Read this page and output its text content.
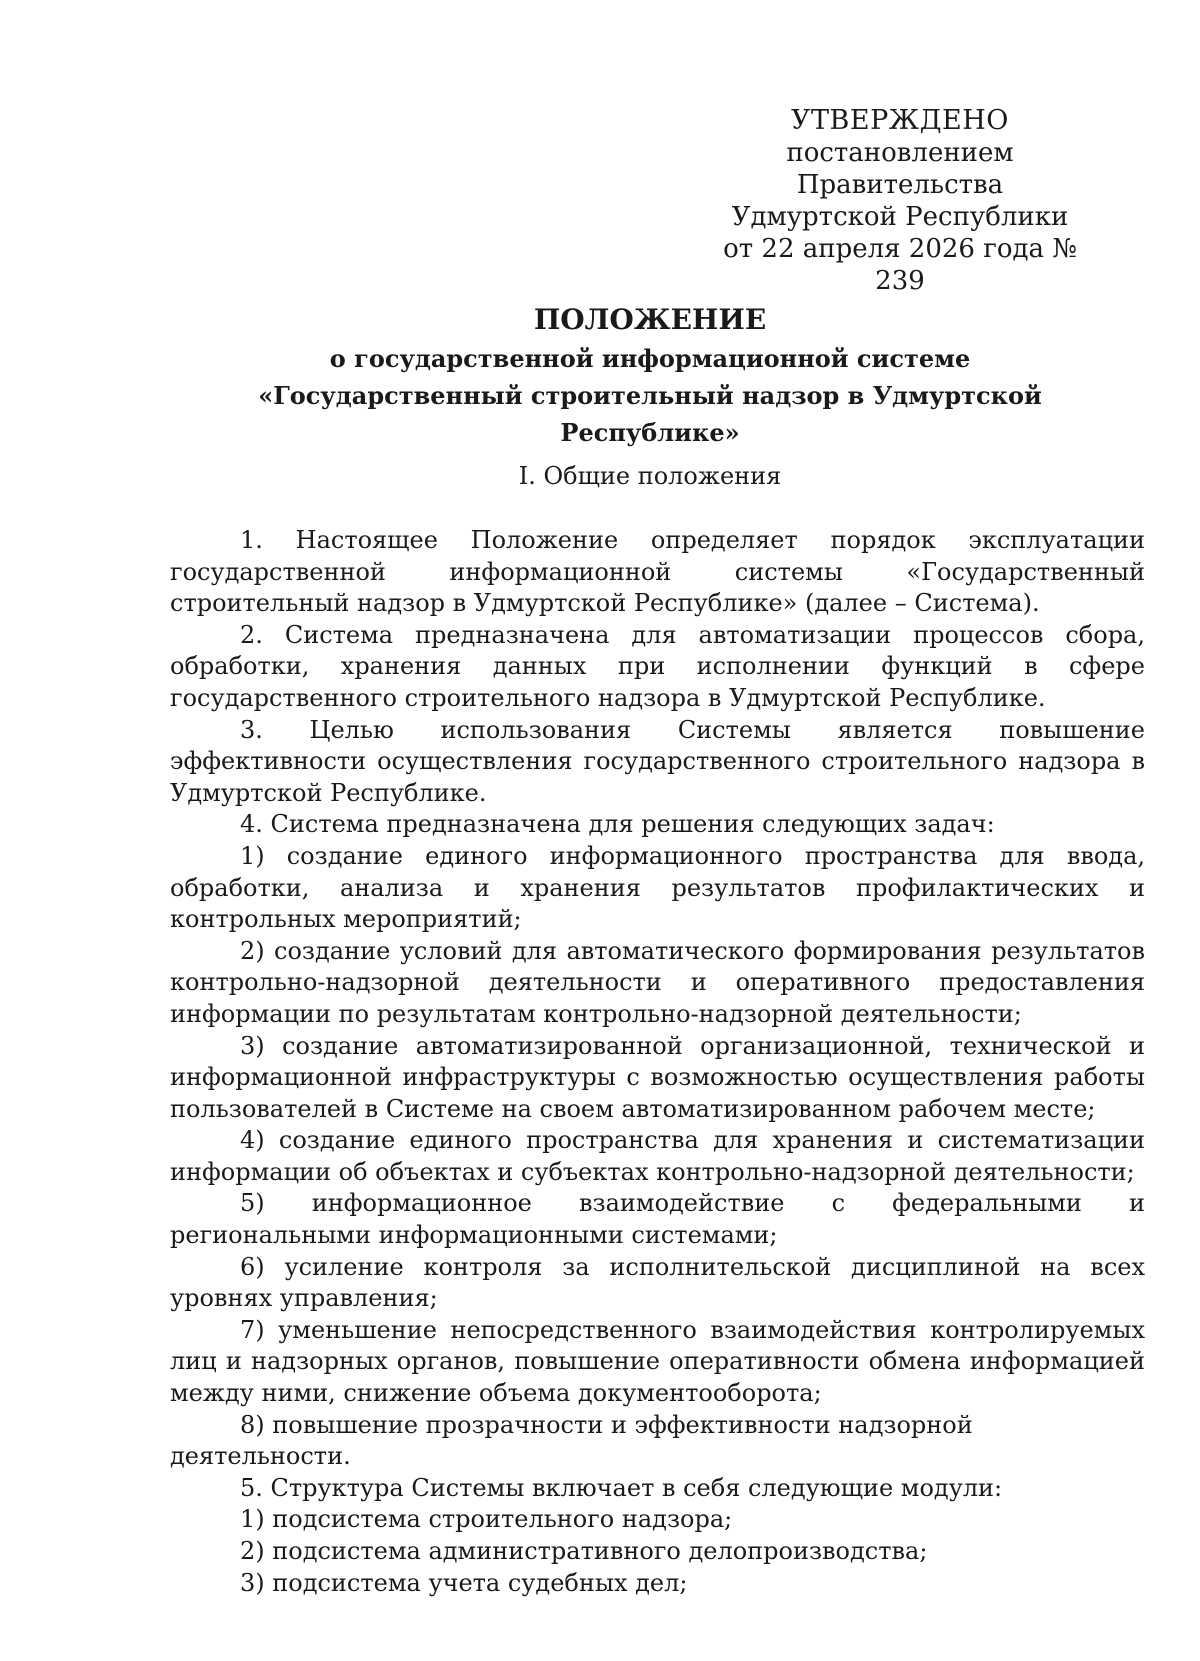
УТВЕРЖДЕНО
постановлением Правительства
Удмуртской Республики
от 22 апреля 2026 года № 239
ПОЛОЖЕНИЕ
о государственной информационной системе
«Государственный строительный надзор в Удмуртской Республике»
I. Общие положения

1. Настоящее Положение определяет порядок эксплуатации государственной информационной системы «Государственный строительный надзор в Удмуртской Республике» (далее – Система).

2. Система предназначена для автоматизации процессов сбора, обработки, хранения данных при исполнении функций в сфере государственного строительного надзора в Удмуртской Республике.

3. Целью использования Системы является повышение эффективности осуществления государственного строительного надзора в Удмуртской Республике.

4. Система предназначена для решения следующих задач:

1) создание единого информационного пространства для ввода, обработки, анализа и хранения результатов профилактических и контрольных мероприятий;

2) создание условий для автоматического формирования результатов контрольно-надзорной деятельности и оперативного предоставления информации по результатам контрольно-надзорной деятельности;

3) создание автоматизированной организационной, технической и информационной инфраструктуры с возможностью осуществления работы пользователей в Системе на своем автоматизированном рабочем месте;

4) создание единого пространства для хранения и систематизации информации об объектах и субъектах контрольно-надзорной деятельности;

5) информационное взаимодействие с федеральными и региональными информационными системами;

6) усиление контроля за исполнительской дисциплиной на всех уровнях управления;

7) уменьшение непосредственного взаимодействия контролируемых лиц и надзорных органов, повышение оперативности обмена информацией между ними, снижение объема документооборота;

8) повышение прозрачности и эффективности надзорной деятельности.

5. Структура Системы включает в себя следующие модули:

1) подсистема строительного надзора;

2) подсистема административного делопроизводства;

3) подсистема учета судебных дел;
